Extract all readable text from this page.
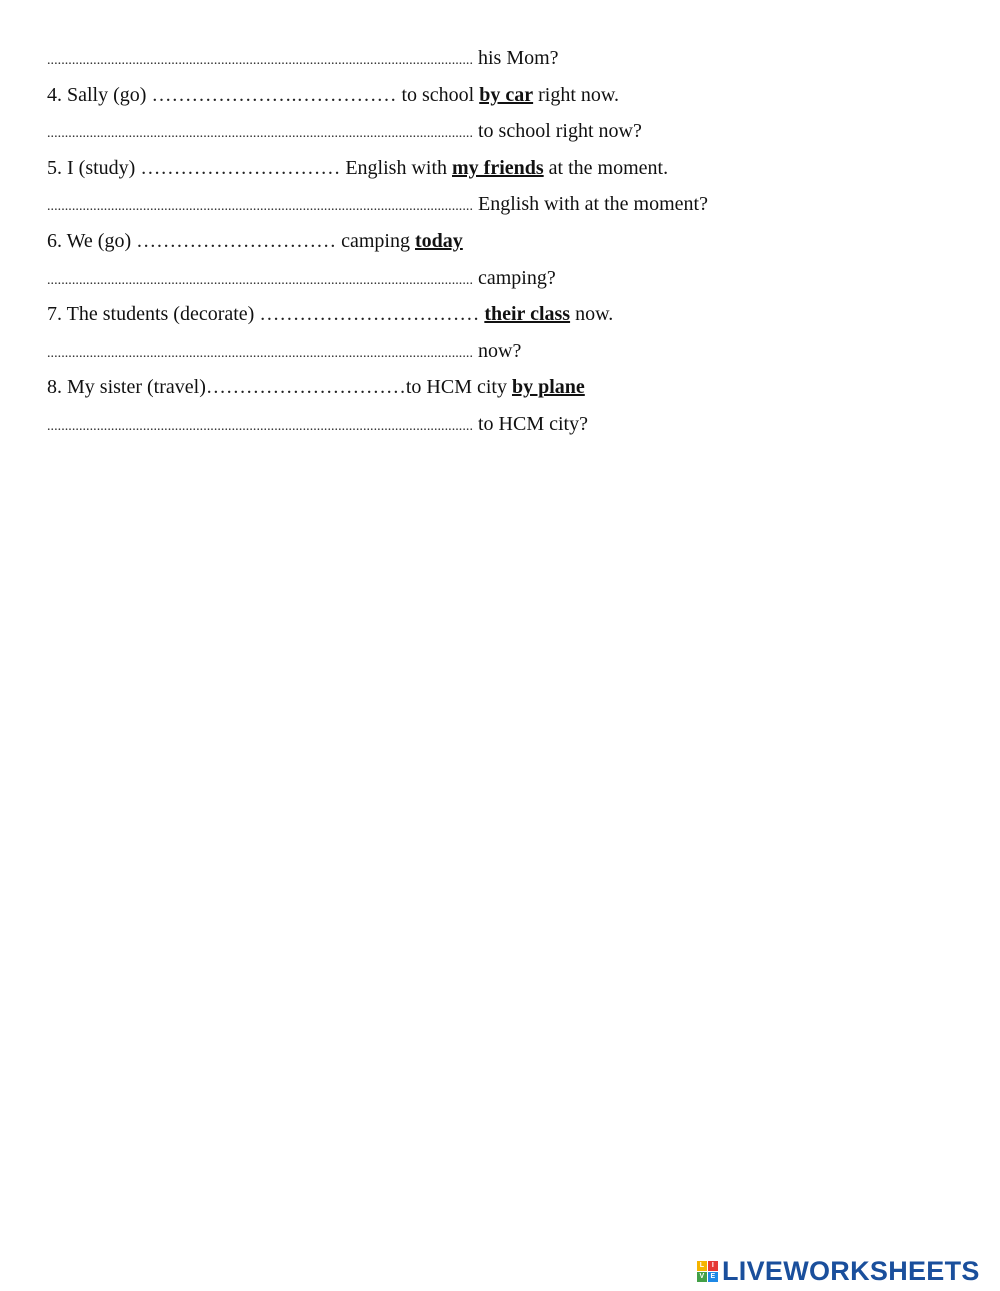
........................................................................................................................ his Mom?
4. Sally (go) ………………….…………… to school by car right now.
........................................................................................................................ to school right now?
5. I (study) ………………………… English with my friends at the moment.
........................................................................................................................ English with at the moment?
6. We (go) ………………………… camping today
........................................................................................................................ camping?
7. The students (decorate) …………………………… their class now.
........................................................................................................................ now?
8. My sister (travel)…………………………to HCM city by plane
........................................................................................................................ to HCM city?
L	I
V E LIVEWORKSHEETS
